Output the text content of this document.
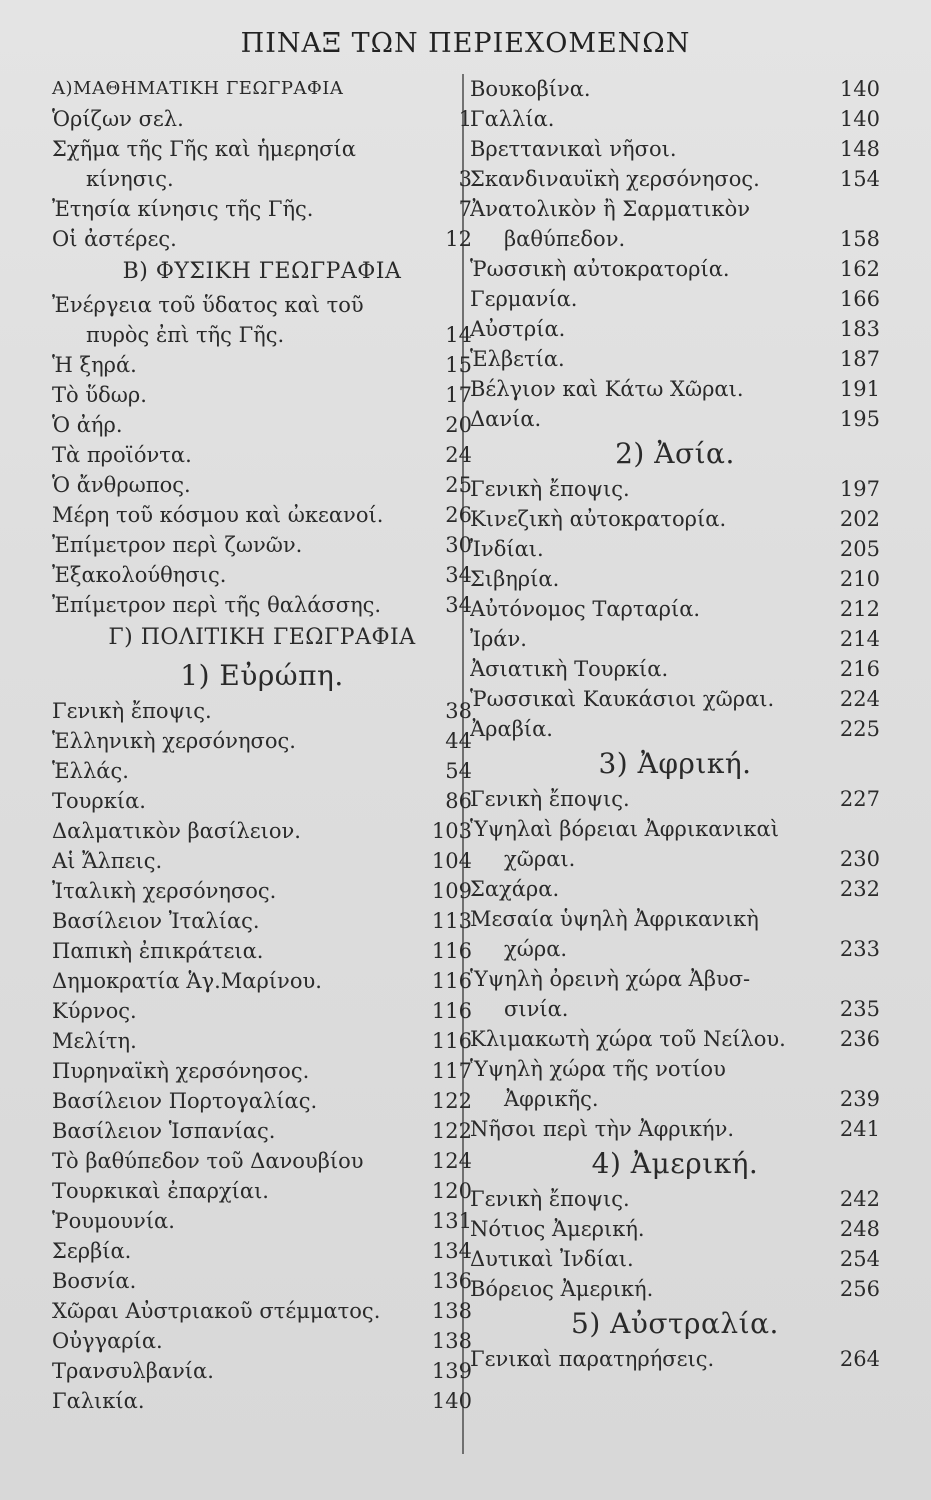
ΠΙΝΑΞ ΤΩΝ ΠΕΡΙΕΧΟΜΕΝΩΝ
Α)ΜΑΘΗΜΑΤΙΚΗ ΓΕΩΓΡΑΦΙΑ
Ὁρίζων σελ.	1
Σχῆμα τῆς Γῆς καὶ ἡμερησία
κίνησις.	3
Ἐτησία κίνησις τῆς Γῆς.	7
Οἱ ἀστέρες.	12
Β) ΦΥΣΙΚΗ ΓΕΩΓΡΑΦΙΑ
Ἐνέργεια τοῦ ὕδατος καὶ τοῦ
πυρὸς ἐπὶ τῆς Γῆς.	14
Ἡ ξηρά.	15
Τὸ ὕδωρ.	17
Ὁ ἀήρ.	20
Τὰ προϊόντα.	24
Ὁ ἄνθρωπος.	25
Μέρη τοῦ κόσμου καὶ ὠκεανοί.	26
Ἐπίμετρον περὶ ζωνῶν.	30
Ἐξακολούθησις.	34
Ἐπίμετρον περὶ τῆς θαλάσσης.	34
Γ) ΠΟΛΙΤΙΚΗ ΓΕΩΓΡΑΦΙΑ
1) Εὐρώπη.
Γενικὴ ἔποψις.	38
Ἑλληνικὴ χερσόνησος.	44
Ἑλλάς.	54
Τουρκία.	86
Δαλματικὸν βασίλειον.	103
Αἱ Ἄλπεις.	104
Ἰταλικὴ χερσόνησος.	109
Βασίλειον Ἰταλίας.	113
Παπικὴ ἐπικράτεια.	116
Δημοκρατία Ἁγ.Μαρίνου.	116
Κύρνος.	116
Μελίτη.	116
Πυρηναϊκὴ χερσόνησος.	117
Βασίλειον Πορτογαλίας.	122
Βασίλειον Ἱσπανίας.	122
Τὸ βαθύπεδον τοῦ Δανουβίου	124
Τουρκικαὶ ἐπαρχίαι.	120
Ῥουμουνία.	131
Σερβία.	134
Βοσνία.	136
Χῶραι Αὐστριακοῦ στέμματος.	138
Οὐγγαρία.	138
Τρανσυλβανία.	139
Γαλικία.	140
Βουκοβίνα.	140
Γαλλία.	140
Βρεττανικαὶ νῆσοι.	148
Σκανδιναυϊκὴ χερσόνησος.	154
Ἀνατολικὸν ἢ Σαρματικὸν
βαθύπεδον.	158
Ῥωσσικὴ αὐτοκρατορία.	162
Γερμανία.	166
Αὐστρία.	183
Ἑλβετία.	187
Βέλγιον καὶ Κάτω Χῶραι.	191
Δανία.	195
2) Ἀσία.
Γενικὴ ἔποψις.	197
Κινεζικὴ αὐτοκρατορία.	202
Ἰνδίαι.	205
Σιβηρία.	210
Αὐτόνομος Ταρταρία.	212
Ἰράν.	214
Ἀσιατικὴ Τουρκία.	216
Ῥωσσικαὶ Καυκάσιοι χῶραι.	224
Ἀραβία.	225
3) Ἀφρική.
Γενικὴ ἔποψις.	227
Ὑψηλαὶ βόρειαι Ἀφρικανικαὶ
χῶραι.	230
Σαχάρα.	232
Μεσαία ὑψηλὴ Ἀφρικανικὴ
χώρα.	233
Ὑψηλὴ ὀρεινὴ χώρα Ἀβυσ-
σινία.	235
Κλιμακωτὴ χώρα τοῦ Νείλου.	236
Ὑψηλὴ χώρα τῆς νοτίου
Ἀφρικῆς.	239
Νῆσοι περὶ τὴν Ἀφρικήν.	241
4) Ἀμερική.
Γενικὴ ἔποψις.	242
Νότιος Ἀμερική.	248
Δυτικαὶ Ἰνδίαι.	254
Βόρειος Ἀμερική.	256
5) Αὐστραλία.
Γενικαὶ παρατηρήσεις.	264
